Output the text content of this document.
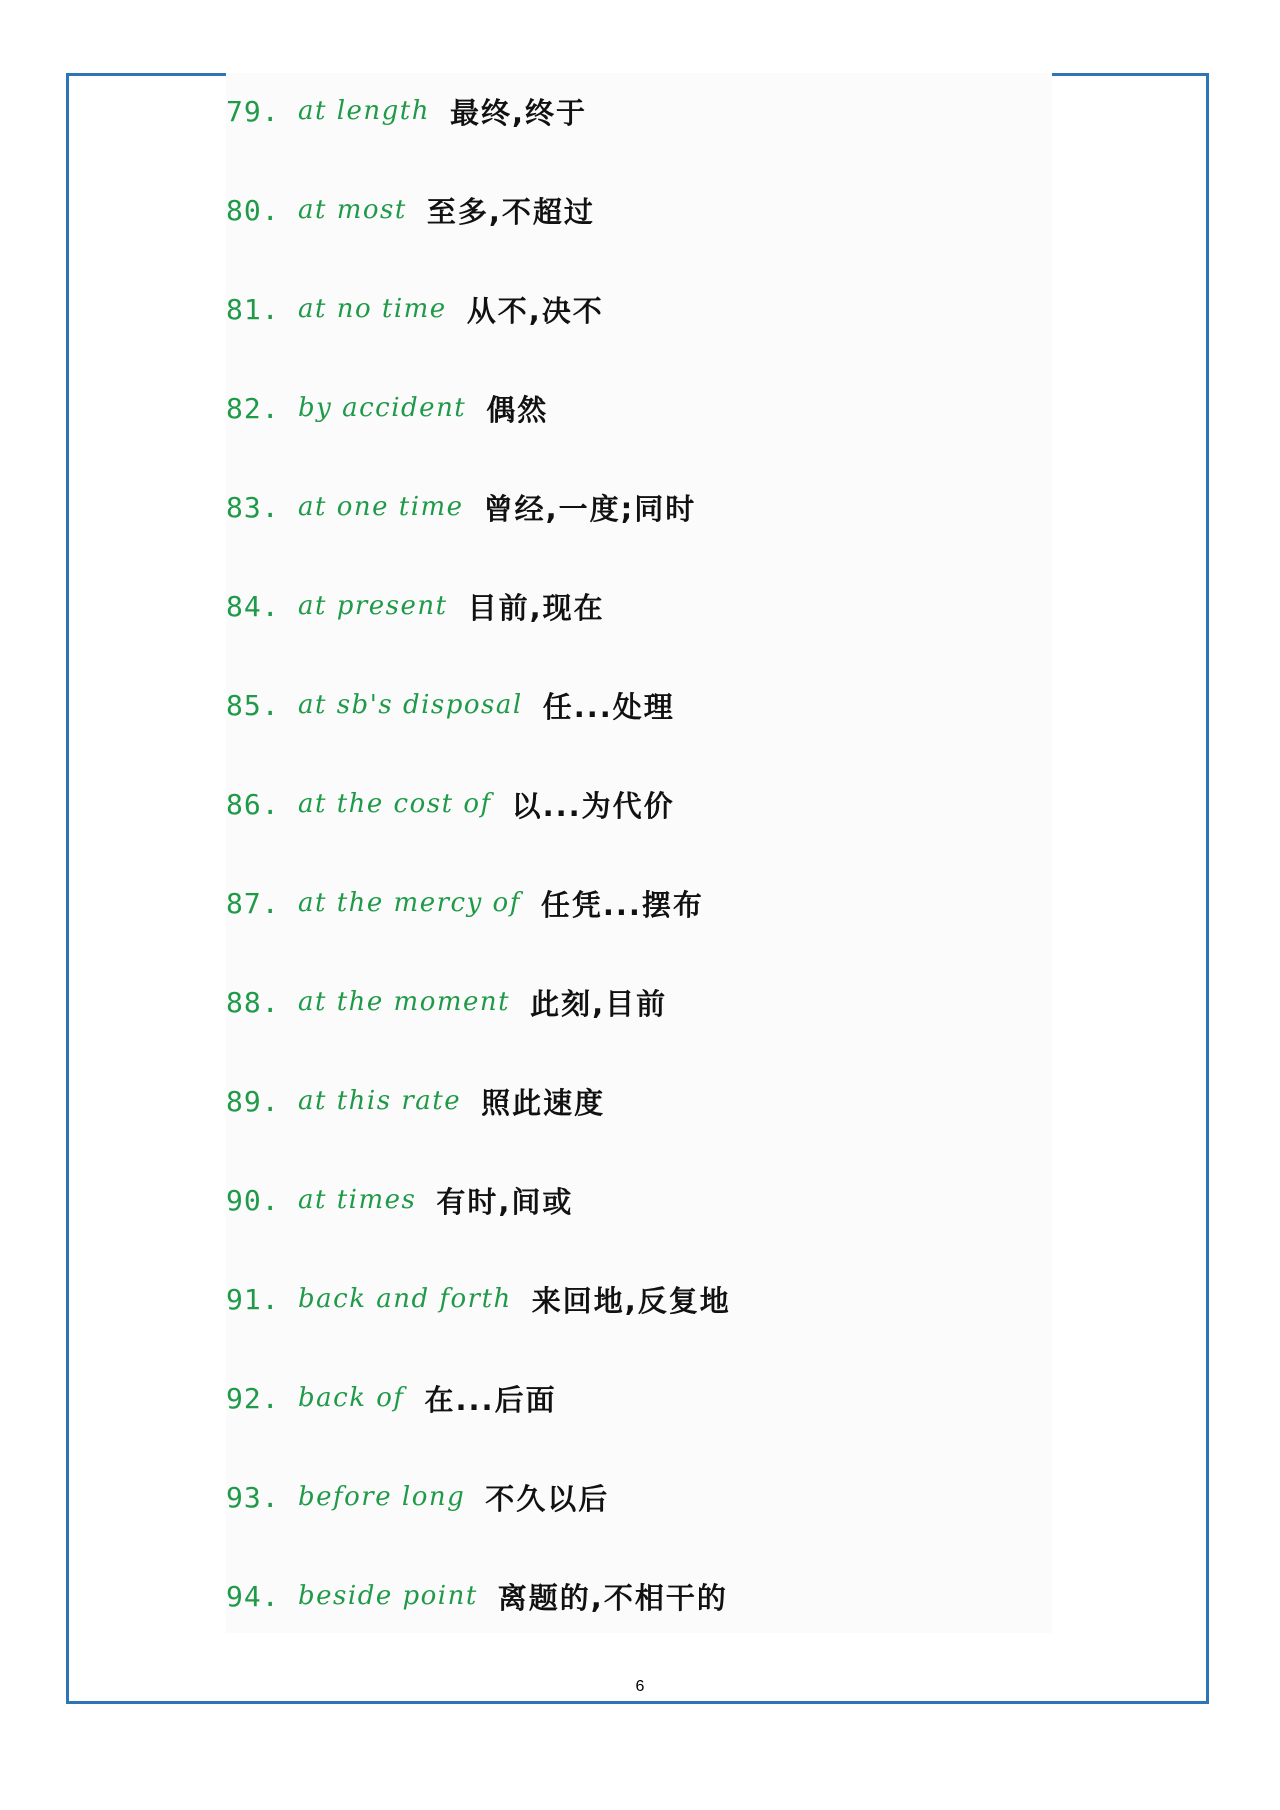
79. at length 最终,终于
80. at most 至多,不超过
81. at no time 从不,决不
82. by accident 偶然
83. at one time 曾经,一度;同时
84. at present 目前,现在
85. at sb's disposal 任...处理
86. at the cost of 以...为代价
87. at the mercy of 任凭...摆布
88. at the moment 此刻,目前
89. at this rate 照此速度
90. at times 有时,间或
91. back and forth 来回地,反复地
92. back of 在...后面
93. before long 不久以后
94. beside point 离题的,不相干的
6
